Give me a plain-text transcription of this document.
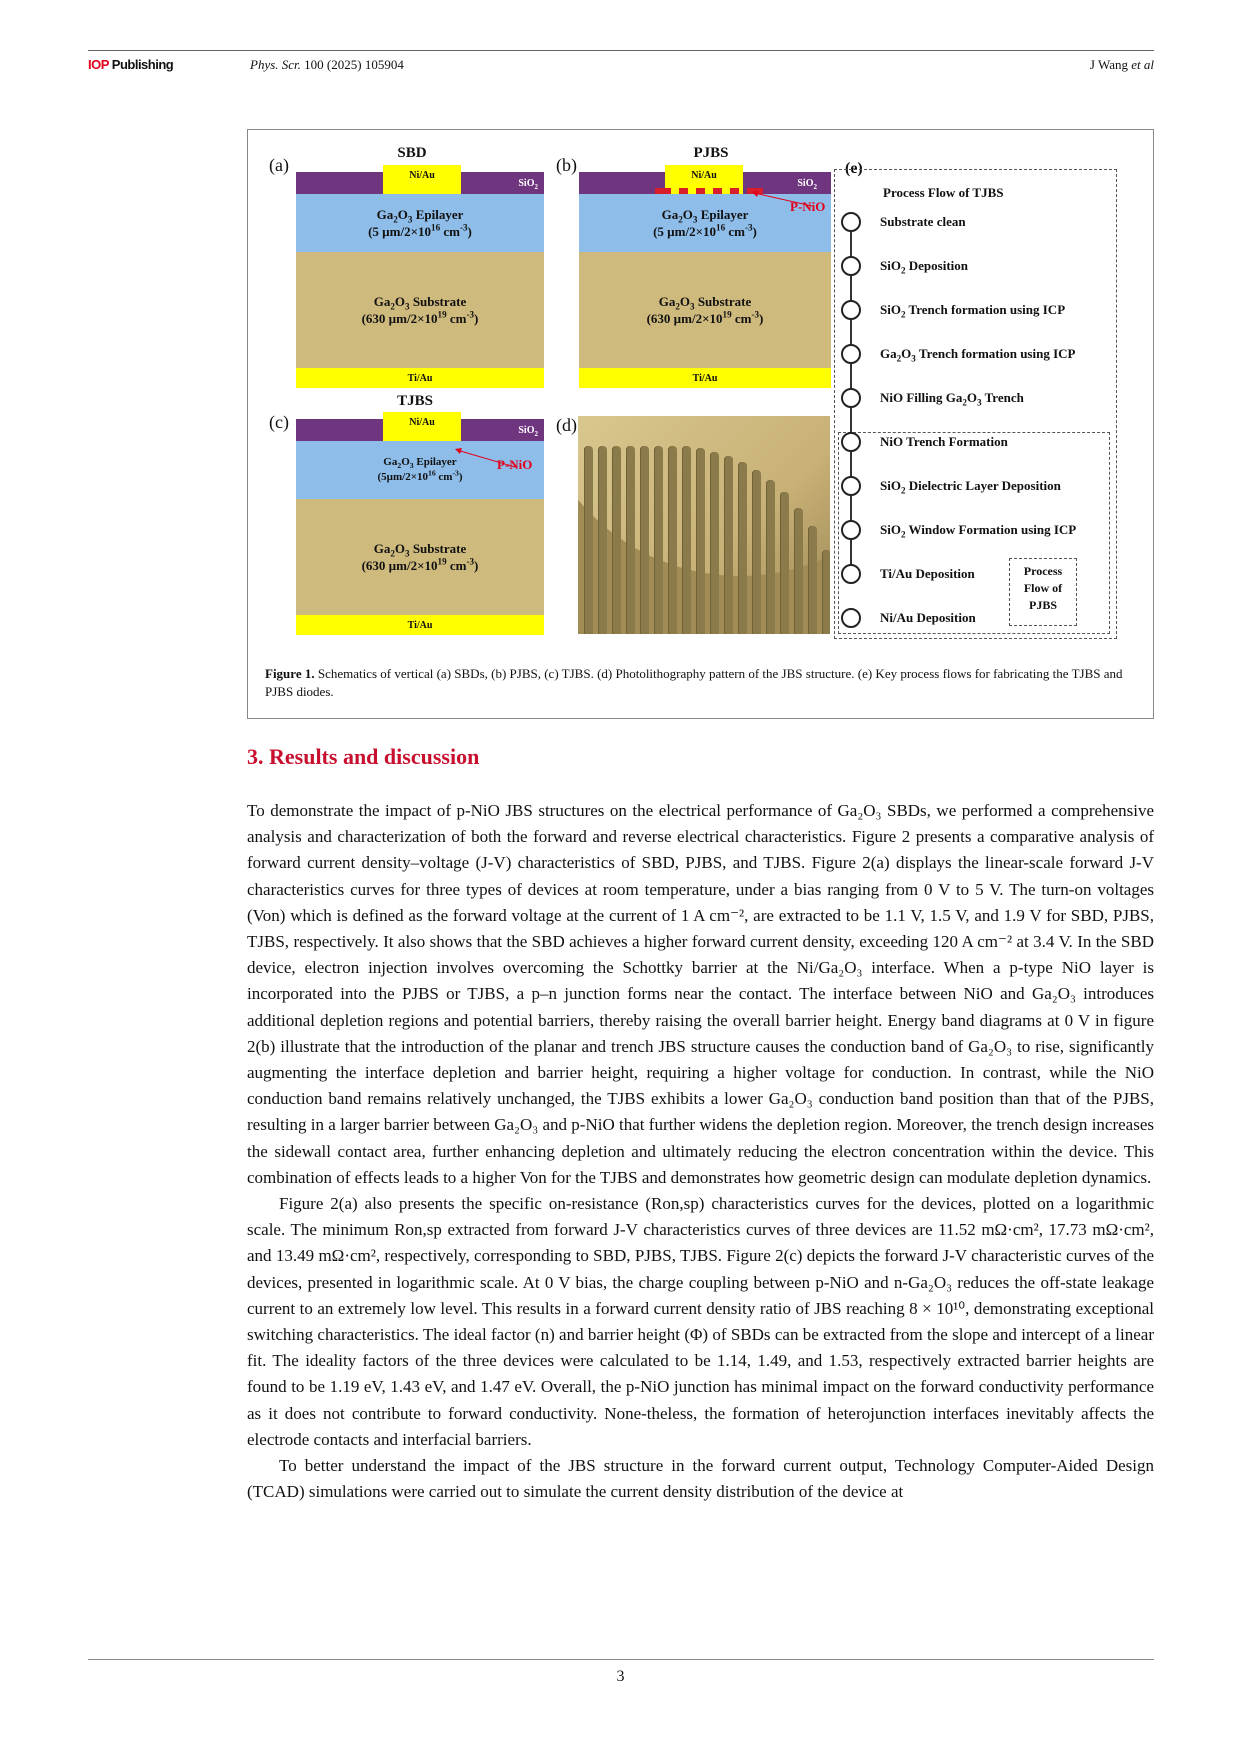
IOP Publishing	Phys. Scr. 100 (2025) 105904	J Wang et al
(a)
SBD
SiO$_2$
Ni/Au
$Ga_2O_3$ Epilayer
(5 $\mu m/2\times 10^{16}$ $cm^{-3}$)
$Ga_2O_3$ Substrate
(630 $\mu m/2\times 10^{19}$ $cm^{-3}$)
Ti/Au
(b)
PJBS
SiO$_2$
Ni/Au
$Ga_2O_3$ Epilayer
(5 $\mu m/2\times 10^{16}$ $cm^{-3}$)
$Ga_2O_3$ Substrate
(630 $\mu m/2\times 10^{19}$ $cm^{-3}$)
Ti/Au
P-NiO
(c)
TJBS
SiO$_2$
Ni/Au
$Ga_2O_3$ Epilayer
($5\mu m/2\times 10^{16}$ $cm^{-3}$)
$Ga_2O_3$ Substrate
(630 $\mu m/2\times 10^{19}$ $cm^{-3}$)
Ti/Au
P-NiO
(d)
(e)
Process Flow of TJBS
Substrate clean
SiO$_2$ Deposition
SiO$_2$ Trench formation using ICP
$Ga_2O_3$ Trench formation using ICP
NiO Filling $Ga_2O_3$ Trench
NiO Trench Formation
SiO$_2$ Dielectric Layer Deposition
SiO$_2$ Window Formation using ICP
Ti/Au Deposition
Ni/Au Deposition
Process
Flow of
PJBS
Figure 1. Schematics of vertical (a) SBDs, (b) PJBS, (c) TJBS. (d) Photolithography pattern of the JBS structure. (e) Key process flows for fabricating the TJBS and PJBS diodes.
3. Results and discussion

To demonstrate the impact of p-NiO JBS structures on the electrical performance of Ga₂O₃ SBDs, we performed a comprehensive analysis and characterization of both the forward and reverse electrical characteristics. Figure 2 presents a comparative analysis of forward current density–voltage (J-V) characteristics of SBD, PJBS, and TJBS. Figure 2(a) displays the linear-scale forward J-V characteristics curves for three types of devices at room temperature, under a bias ranging from 0 V to 5 V. The turn-on voltages (Von) which is defined as the forward voltage at the current of 1 A cm⁻², are extracted to be 1.1 V, 1.5 V, and 1.9 V for SBD, PJBS, TJBS, respectively. It also shows that the SBD achieves a higher forward current density, exceeding 120 A cm⁻² at 3.4 V. In the SBD device, electron injection involves overcoming the Schottky barrier at the Ni/Ga₂O₃ interface. When a p-type NiO layer is incorporated into the PJBS or TJBS, a p–n junction forms near the contact. The interface between NiO and Ga₂O₃ introduces additional depletion regions and potential barriers, thereby raising the overall barrier height. Energy band diagrams at 0 V in figure 2(b) illustrate that the introduction of the planar and trench JBS structure causes the conduction band of Ga₂O₃ to rise, significantly augmenting the interface depletion and barrier height, requiring a higher voltage for conduction. In contrast, while the NiO conduction band remains relatively unchanged, the TJBS exhibits a lower Ga₂O₃ conduction band position than that of the PJBS, resulting in a larger barrier between Ga₂O₃ and p-NiO that further widens the depletion region. Moreover, the trench design increases the sidewall contact area, further enhancing depletion and ultimately reducing the electron concentration within the device. This combination of effects leads to a higher Von for the TJBS and demonstrates how geometric design can modulate depletion dynamics.

Figure 2(a) also presents the specific on-resistance (Ron,sp) characteristics curves for the devices, plotted on a logarithmic scale. The minimum Ron,sp extracted from forward J-V characteristics curves of three devices are 11.52 mΩ·cm², 17.73 mΩ·cm², and 13.49 mΩ·cm², respectively, corresponding to SBD, PJBS, TJBS. Figure 2(c) depicts the forward J-V characteristic curves of the devices, presented in logarithmic scale. At 0 V bias, the charge coupling between p-NiO and n-Ga₂O₃ reduces the off-state leakage current to an extremely low level. This results in a forward current density ratio of JBS reaching 8 × 10¹⁰, demonstrating exceptional switching characteristics. The ideal factor (n) and barrier height (Φ) of SBDs can be extracted from the slope and intercept of a linear fit. The ideality factors of the three devices were calculated to be 1.14, 1.49, and 1.53, respectively extracted barrier heights are found to be 1.19 eV, 1.43 eV, and 1.47 eV. Overall, the p-NiO junction has minimal impact on the forward conductivity performance as it does not contribute to forward conductivity. None-theless, the formation of heterojunction interfaces inevitably affects the electrode contacts and interfacial barriers.

To better understand the impact of the JBS structure in the forward current output, Technology Computer-Aided Design (TCAD) simulations were carried out to simulate the current density distribution of the device at

3
